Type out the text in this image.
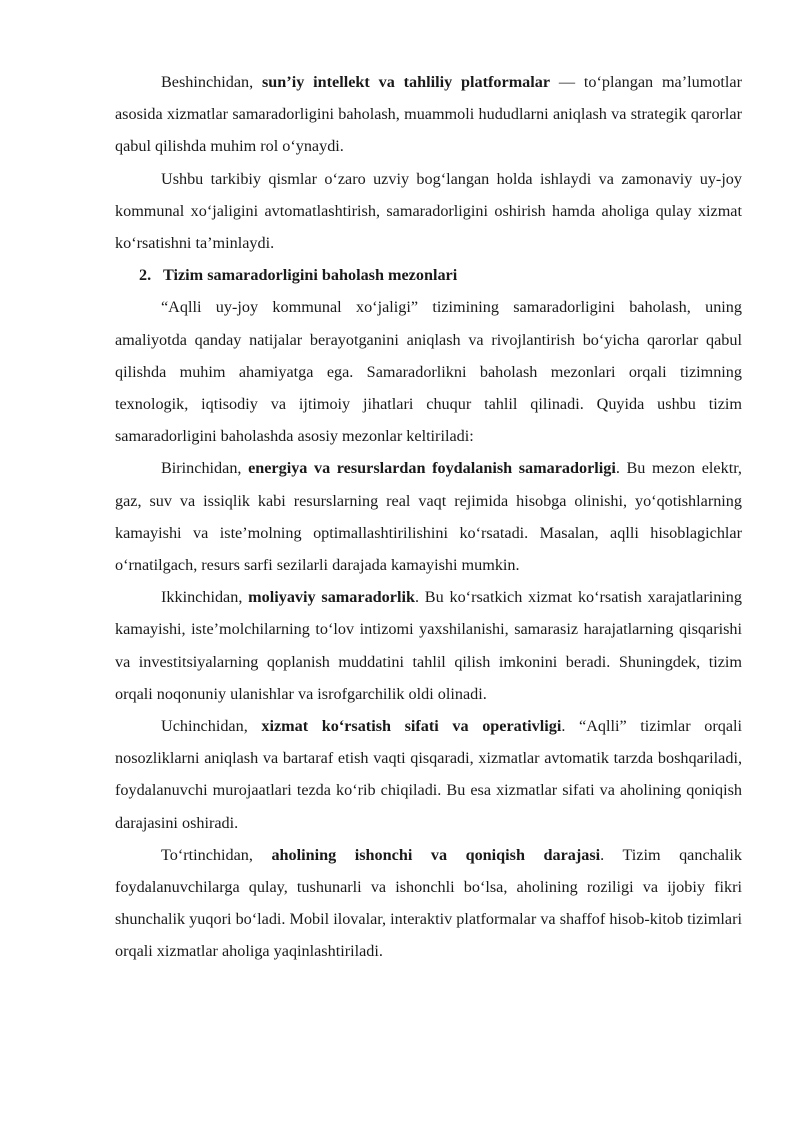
Beshinchidan, sun’iy intellekt va tahliliy platformalar — to‘plangan ma’lumotlar asosida xizmatlar samaradorligini baholash, muammoli hududlarni aniqlash va strategik qarorlar qabul qilishda muhim rol o‘ynaydi.

Ushbu tarkibiy qismlar o‘zaro uzviy bog‘langan holda ishlaydi va zamonaviy uy-joy kommunal xo‘jaligini avtomatlashtirish, samaradorligini oshirish hamda aholiga qulay xizmat ko‘rsatishni ta’minlaydi.

2. Tizim samaradorligini baholash mezonlari

“Aqlli uy-joy kommunal xo‘jaligi” tizimining samaradorligini baholash, uning amaliyotda qanday natijalar berayotganini aniqlash va rivojlantirish bo‘yicha qarorlar qabul qilishda muhim ahamiyatga ega. Samaradorlikni baholash mezonlari orqali tizimning texnologik, iqtisodiy va ijtimoiy jihatlari chuqur tahlil qilinadi. Quyida ushbu tizim samaradorligini baholashda asosiy mezonlar keltiriladi:

Birinchidan, energiya va resurslardan foydalanish samaradorligi. Bu mezon elektr, gaz, suv va issiqlik kabi resurslarning real vaqt rejimida hisobga olinishi, yo‘qotishlarning kamayishi va iste’molning optimallashtirilishini ko‘rsatadi. Masalan, aqlli hisoblagichlar o‘rnatilgach, resurs sarfi sezilarli darajada kamayishi mumkin.

Ikkinchidan, moliyaviy samaradorlik. Bu ko‘rsatkich xizmat ko‘rsatish xarajatlarining kamayishi, iste’molchilarning to‘lov intizomi yaxshilanishi, samarasiz harajatlarning qisqarishi va investitsiyalarning qoplanish muddatini tahlil qilish imkonini beradi. Shuningdek, tizim orqali noqonuniy ulanishlar va isrofgarchilik oldi olinadi.

Uchinchidan, xizmat ko‘rsatish sifati va operativligi. “Aqlli” tizimlar orqali nosozliklarni aniqlash va bartaraf etish vaqti qisqaradi, xizmatlar avtomatik tarzda boshqariladi, foydalanuvchi murojaatlari tezda ko‘rib chiqiladi. Bu esa xizmatlar sifati va aholining qoniqish darajasini oshiradi.

To‘rtinchidan, aholining ishonchi va qoniqish darajasi. Tizim qanchalik foydalanuvchilarga qulay, tushunarli va ishonchli bo‘lsa, aholining roziligi va ijobiy fikri shunchalik yuqori bo‘ladi. Mobil ilovalar, interaktiv platformalar va shaffof hisob-kitob tizimlari orqali xizmatlar aholiga yaqinlashtiriladi.
